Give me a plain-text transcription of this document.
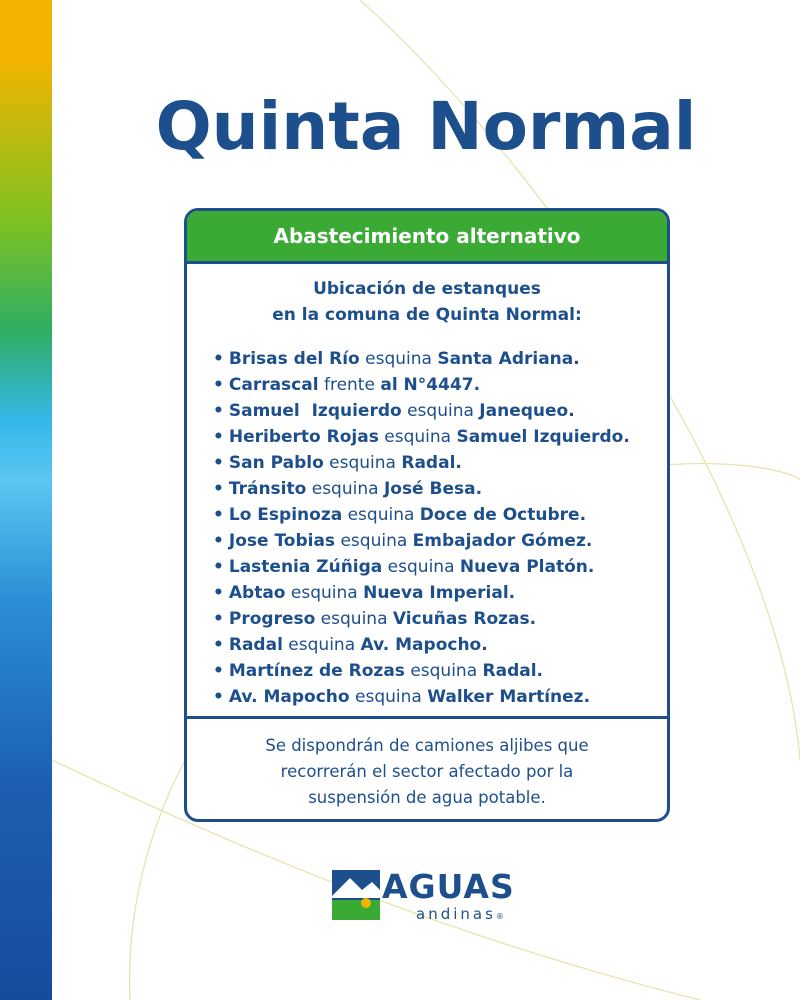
Quinta Normal
Abastecimiento alternativo
Ubicación de estanques
en la comuna de Quinta Normal:
• Brisas del Río esquina Santa Adriana.
• Carrascal frente al N°4447.
• Samuel  Izquierdo esquina Janequeo.
• Heriberto Rojas esquina Samuel Izquierdo.
• San Pablo esquina Radal.
• Tránsito esquina José Besa.
• Lo Espinoza esquina Doce de Octubre.
• Jose Tobias esquina Embajador Gómez.
• Lastenia Zúñiga esquina Nueva Platón.
• Abtao esquina Nueva Imperial.
• Progreso esquina Vicuñas Rozas.
• Radal esquina Av. Mapocho.
• Martínez de Rozas esquina Radal.
• Av. Mapocho esquina Walker Martínez.
Se dispondrán de camiones aljibes que
recorrerán el sector afectado por la
suspensión de agua potable.
AGUAS
andinas®
